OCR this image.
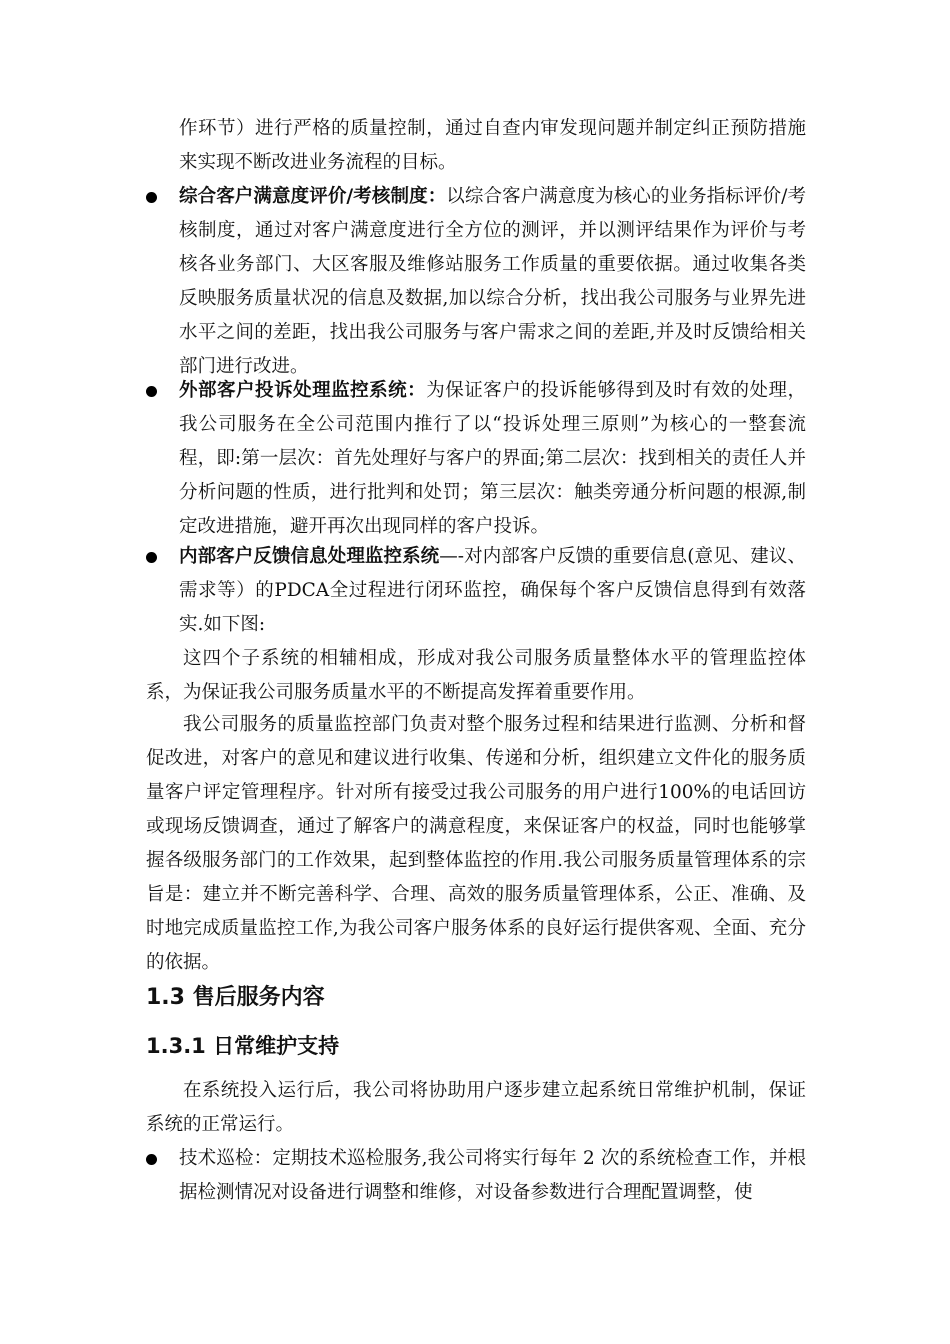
作环节）进行严格的质量控制，通过自查内审发现问题并制定纠正预防措施来实现不断改进业务流程的目标。

综合客户满意度评价/考核制度：以综合客户满意度为核心的业务指标评价/考核制度，通过对客户满意度进行全方位的测评，并以测评结果作为评价与考核各业务部门、大区客服及维修站服务工作质量的重要依据。通过收集各类反映服务质量状况的信息及数据,加以综合分析，找出我公司服务与业界先进水平之间的差距，找出我公司服务与客户需求之间的差距,并及时反馈给相关部门进行改进。

外部客户投诉处理监控系统：为保证客户的投诉能够得到及时有效的处理，我公司服务在全公司范围内推行了以“投诉处理三原则”为核心的一整套流程，即:第一层次：首先处理好与客户的界面;第二层次：找到相关的责任人并分析问题的性质，进行批判和处罚；第三层次：触类旁通分析问题的根源,制定改进措施，避开再次出现同样的客户投诉。

内部客户反馈信息处理监控系统—-对内部客户反馈的重要信息(意见、建议、需求等）的PDCA全过程进行闭环监控，确保每个客户反馈信息得到有效落实.如下图:

这四个子系统的相辅相成，形成对我公司服务质量整体水平的管理监控体系，为保证我公司服务质量水平的不断提高发挥着重要作用。

我公司服务的质量监控部门负责对整个服务过程和结果进行监测、分析和督促改进，对客户的意见和建议进行收集、传递和分析，组织建立文件化的服务质量客户评定管理程序。针对所有接受过我公司服务的用户进行100%的电话回访或现场反馈调查，通过了解客户的满意程度，来保证客户的权益，同时也能够掌握各级服务部门的工作效果，起到整体监控的作用.我公司服务质量管理体系的宗旨是：建立并不断完善科学、合理、高效的服务质量管理体系，公正、准确、及时地完成质量监控工作,为我公司客户服务体系的良好运行提供客观、全面、充分的依据。

1.3 售后服务内容
1.3.1 日常维护支持

在系统投入运行后，我公司将协助用户逐步建立起系统日常维护机制，保证系统的正常运行。

技术巡检：定期技术巡检服务,我公司将实行每年 2 次的系统检查工作，并根据检测情况对设备进行调整和维修，对设备参数进行合理配置调整，使
